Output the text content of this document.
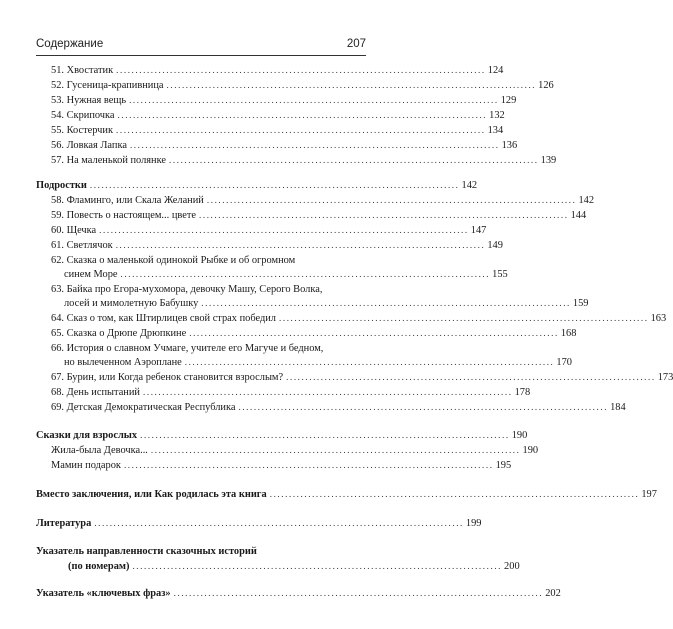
Содержание	207
51. Хвостатик ................................................................................................ 124
52. Гусеница-крапивница ................................................................................................ 126
53. Нужная вещь ................................................................................................ 129
54. Скрипочка ................................................................................................ 132
55. Костерчик ................................................................................................ 134
56. Ловкая Лапка ................................................................................................ 136
57. На маленькой полянке ................................................................................................ 139
Подростки ................................................................................................ 142
58. Фламинго, или Скала Желаний ................................................................................................ 142
59. Повесть о настоящем... цвете ................................................................................................ 144
60. Щечка ................................................................................................ 147
61. Светлячок ................................................................................................ 149
62. Сказка о маленькой одинокой Рыбке и об огромном
синем Море ................................................................................................ 155
63. Байка про Егора-мухомора, девочку Машу, Серого Волка,
лосей и мимолетную Бабушку ................................................................................................ 159
64. Сказ о том, как Штирлицев свой страх победил ................................................................................................ 163
65. Сказка о Дрюпе Дрюпкине ................................................................................................ 168
66. История о славном Учмаге, учителе его Магуче и бедном,
но вылеченном Аэроплане ................................................................................................ 170
67. Бурин, или Когда ребенок становится взрослым? ................................................................................................ 173
68. День испытаний ................................................................................................ 178
69. Детская Демократическая Республика ................................................................................................ 184
Сказки для взрослых ................................................................................................ 190
Жила-была Девочка... ................................................................................................ 190
Мамин подарок ................................................................................................ 195
Вместо заключения, или Как родилась эта книга ................................................................................................ 197
Литература ................................................................................................ 199
Указатель направленности сказочных историй
(по номерам) ................................................................................................ 200
Указатель «ключевых фраз» ................................................................................................ 202
